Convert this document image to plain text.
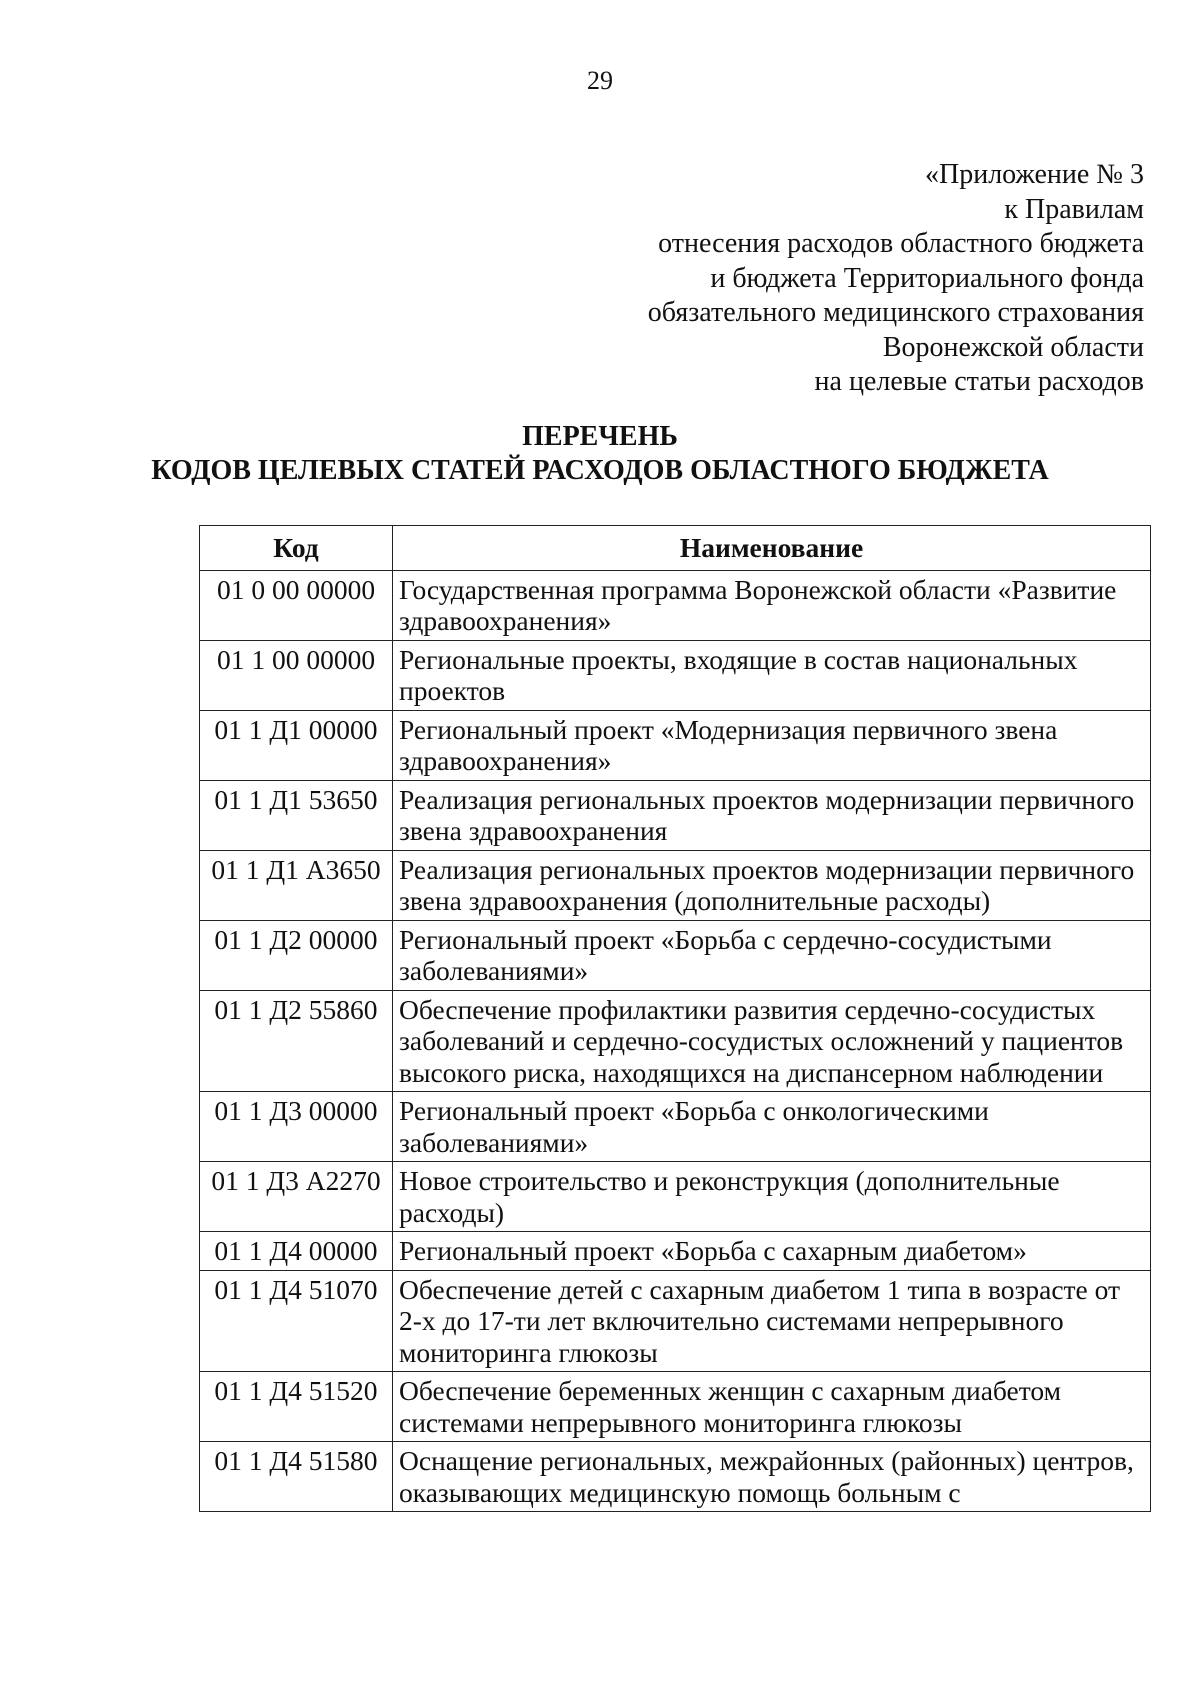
29
«Приложение № 3
к Правилам
отнесения расходов областного бюджета
и бюджета Территориального фонда
обязательного медицинского страхования
Воронежской области
на целевые статьи расходов
ПЕРЕЧЕНЬ
КОДОВ ЦЕЛЕВЫХ СТАТЕЙ РАСХОДОВ ОБЛАСТНОГО БЮДЖЕТА
Код	Наименование
01 0 00 00000	Государственная программа Воронежской области «Развитие здравоохранения»
01 1 00 00000	Региональные проекты, входящие в состав национальных проектов
01 1 Д1 00000	Региональный проект «Модернизация первичного звена здравоохранения»
01 1 Д1 53650	Реализация региональных проектов модернизации первичного звена здравоохранения
01 1 Д1 А3650	Реализация региональных проектов модернизации первичного звена здравоохранения (дополнительные расходы)
01 1 Д2 00000	Региональный проект «Борьба с сердечно-сосудистыми заболеваниями»
01 1 Д2 55860	Обеспечение профилактики развития сердечно-сосудистых заболеваний и сердечно-сосудистых осложнений у пациентов высокого риска, находящихся на диспансерном наблюдении
01 1 Д3 00000	Региональный проект «Борьба с онкологическими заболеваниями»
01 1 Д3 А2270	Новое строительство и реконструкция (дополнительные расходы)
01 1 Д4 00000	Региональный проект «Борьба с сахарным диабетом»
01 1 Д4 51070	Обеспечение детей с сахарным диабетом 1 типа в возрасте от 2-х до 17-ти лет включительно системами непрерывного мониторинга глюкозы
01 1 Д4 51520	Обеспечение беременных женщин с сахарным диабетом системами непрерывного мониторинга глюкозы
01 1 Д4 51580	Оснащение региональных, межрайонных (районных) центров, оказывающих медицинскую помощь больным с
